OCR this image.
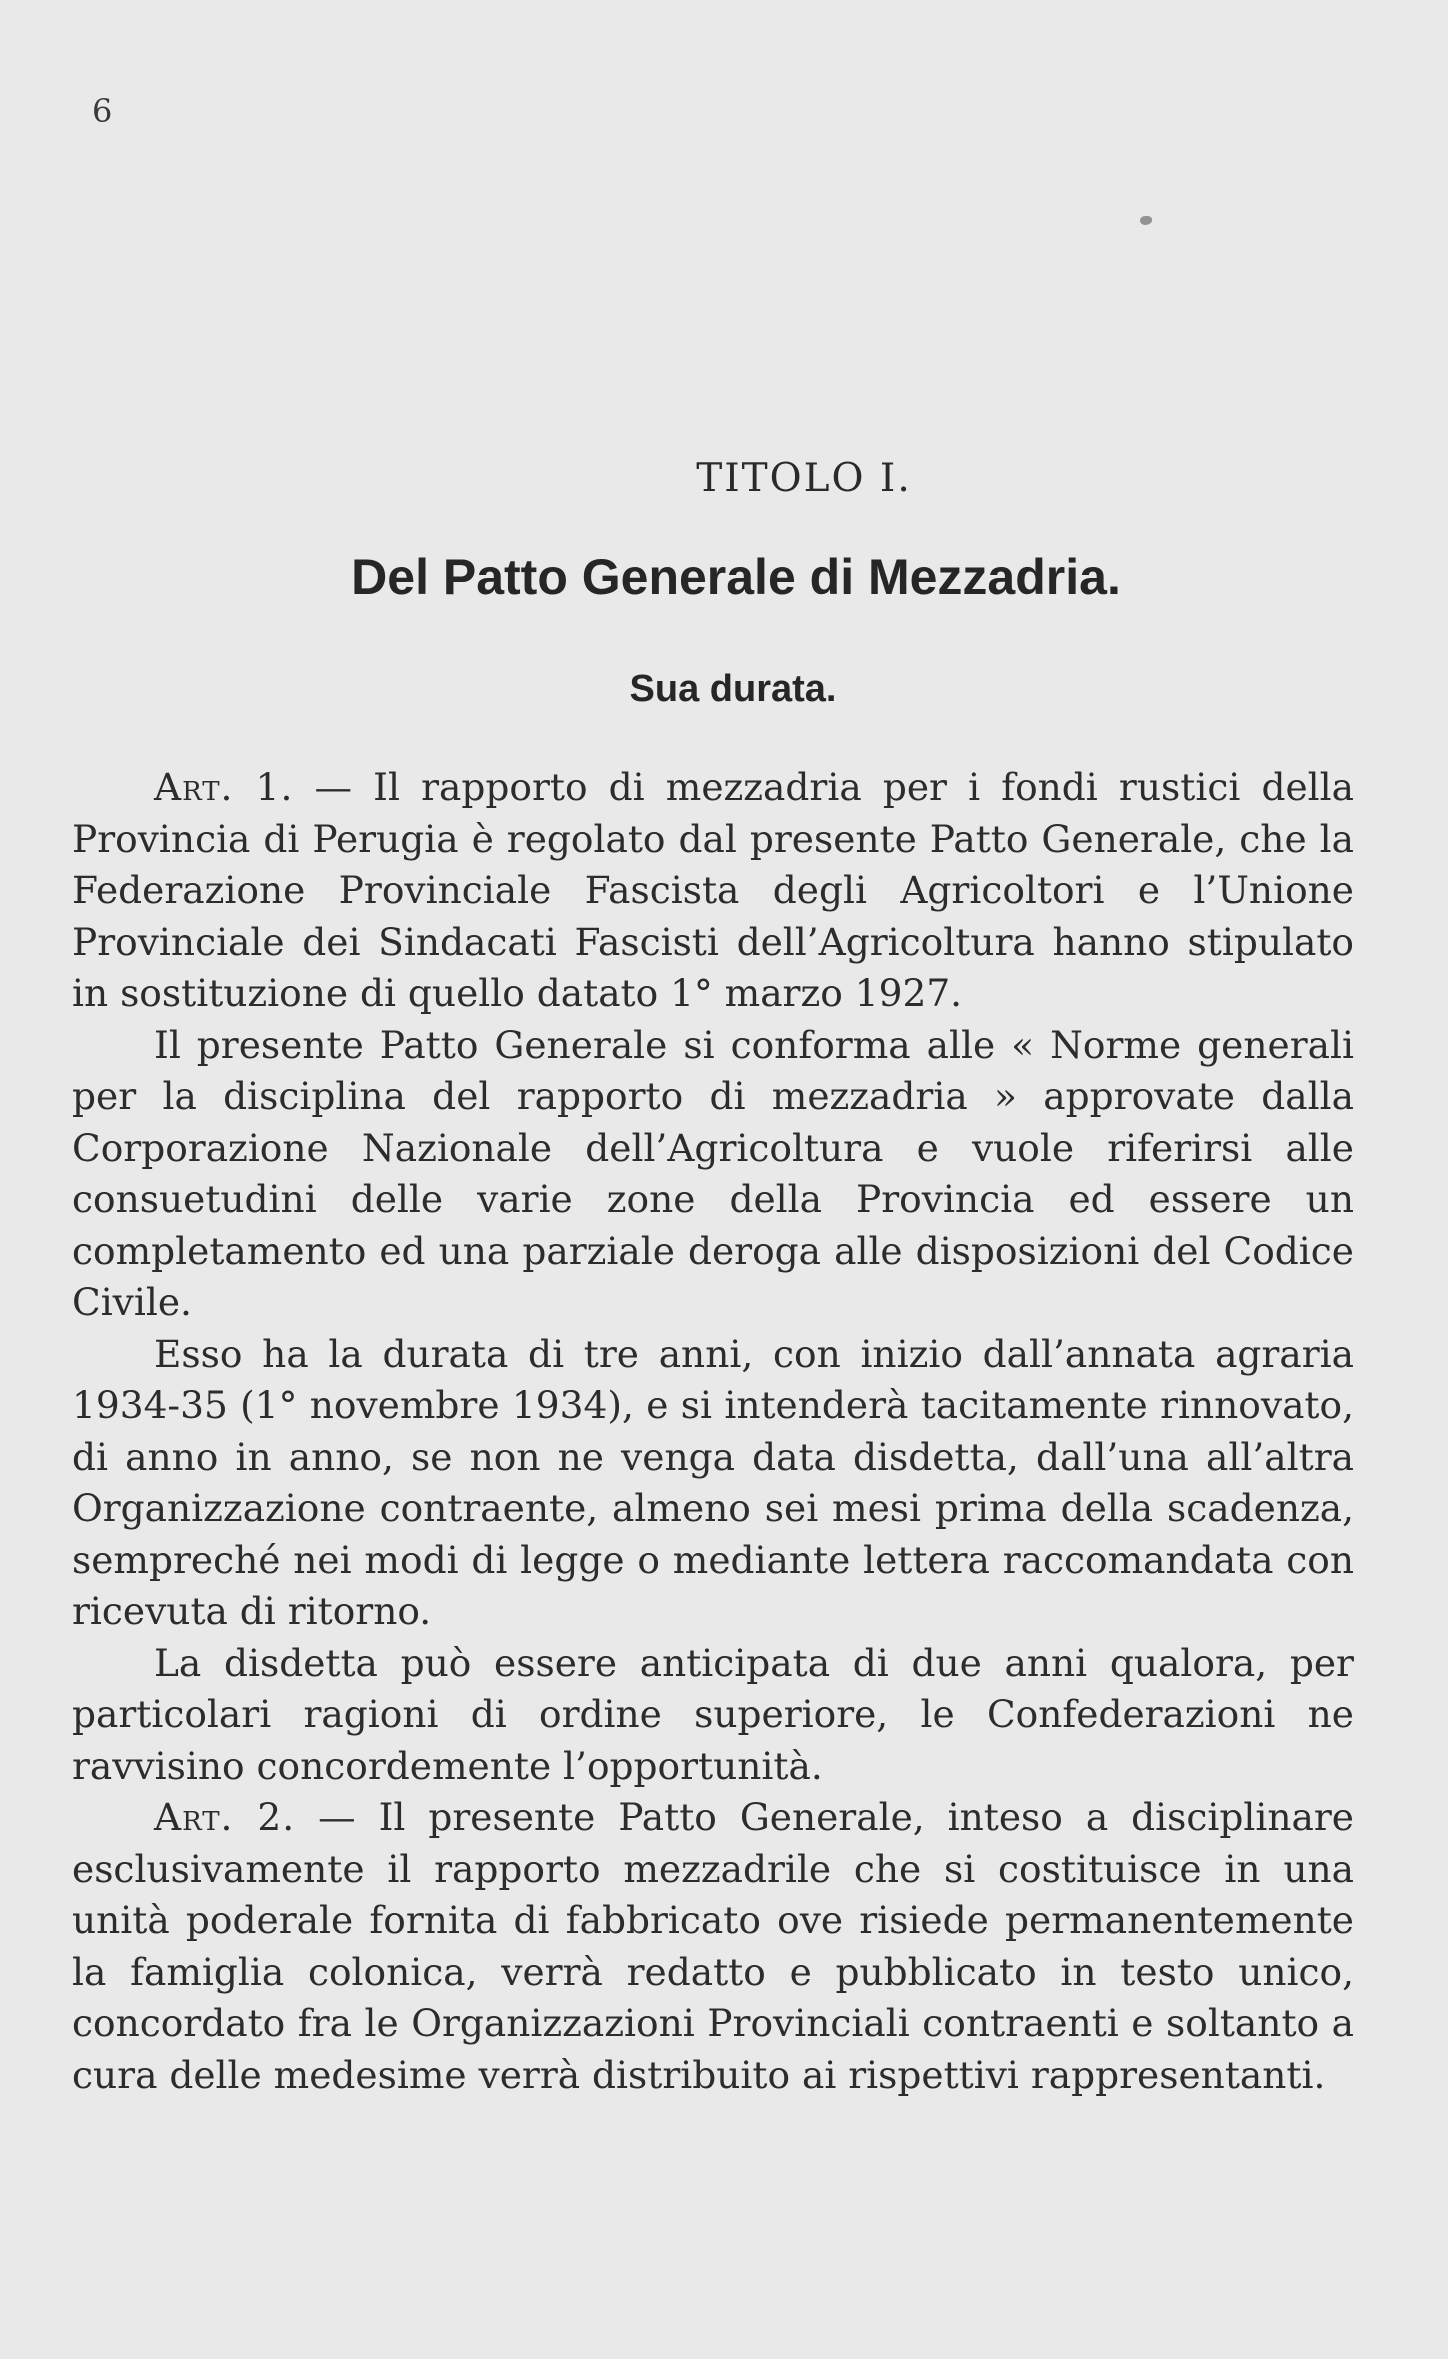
6
TITOLO I.
Del Patto Generale di Mezzadria.
Sua durata.

Art. 1. — Il rapporto di mezzadria per i fondi rustici della Provincia di Perugia è regolato dal presente Patto Generale, che la Federazione Provinciale Fascista degli Agricoltori e l’Unione Provinciale dei Sindacati Fascisti dell’Agricoltura hanno stipulato in sostituzione di quello datato 1° marzo 1927.

Il presente Patto Generale si conforma alle « Norme generali per la disciplina del rapporto di mezzadria » approvate dalla Corporazione Nazionale dell’Agricoltura e vuole riferirsi alle consuetudini delle varie zone della Provincia ed essere un completamento ed una parziale deroga alle disposizioni del Codice Civile.

Esso ha la durata di tre anni, con inizio dall’annata agraria 1934-35 (1° novembre 1934), e si intenderà tacitamente rinnovato, di anno in anno, se non ne venga data disdetta, dall’una all’altra Organizzazione contraente, almeno sei mesi prima della scadenza, sempreché nei modi di legge o mediante lettera raccomandata con ricevuta di ritorno.

La disdetta può essere anticipata di due anni qualora, per particolari ragioni di ordine superiore, le Confederazioni ne ravvisino concordemente l’opportunità.

Art. 2. — Il presente Patto Generale, inteso a disciplinare esclusivamente il rapporto mezzadrile che si costituisce in una unità poderale fornita di fabbricato ove risiede permanentemente la famiglia colonica, verrà redatto e pubblicato in testo unico, concordato fra le Organizzazioni Provinciali contraenti e soltanto a cura delle medesime verrà distribuito ai rispettivi rappresentanti.
